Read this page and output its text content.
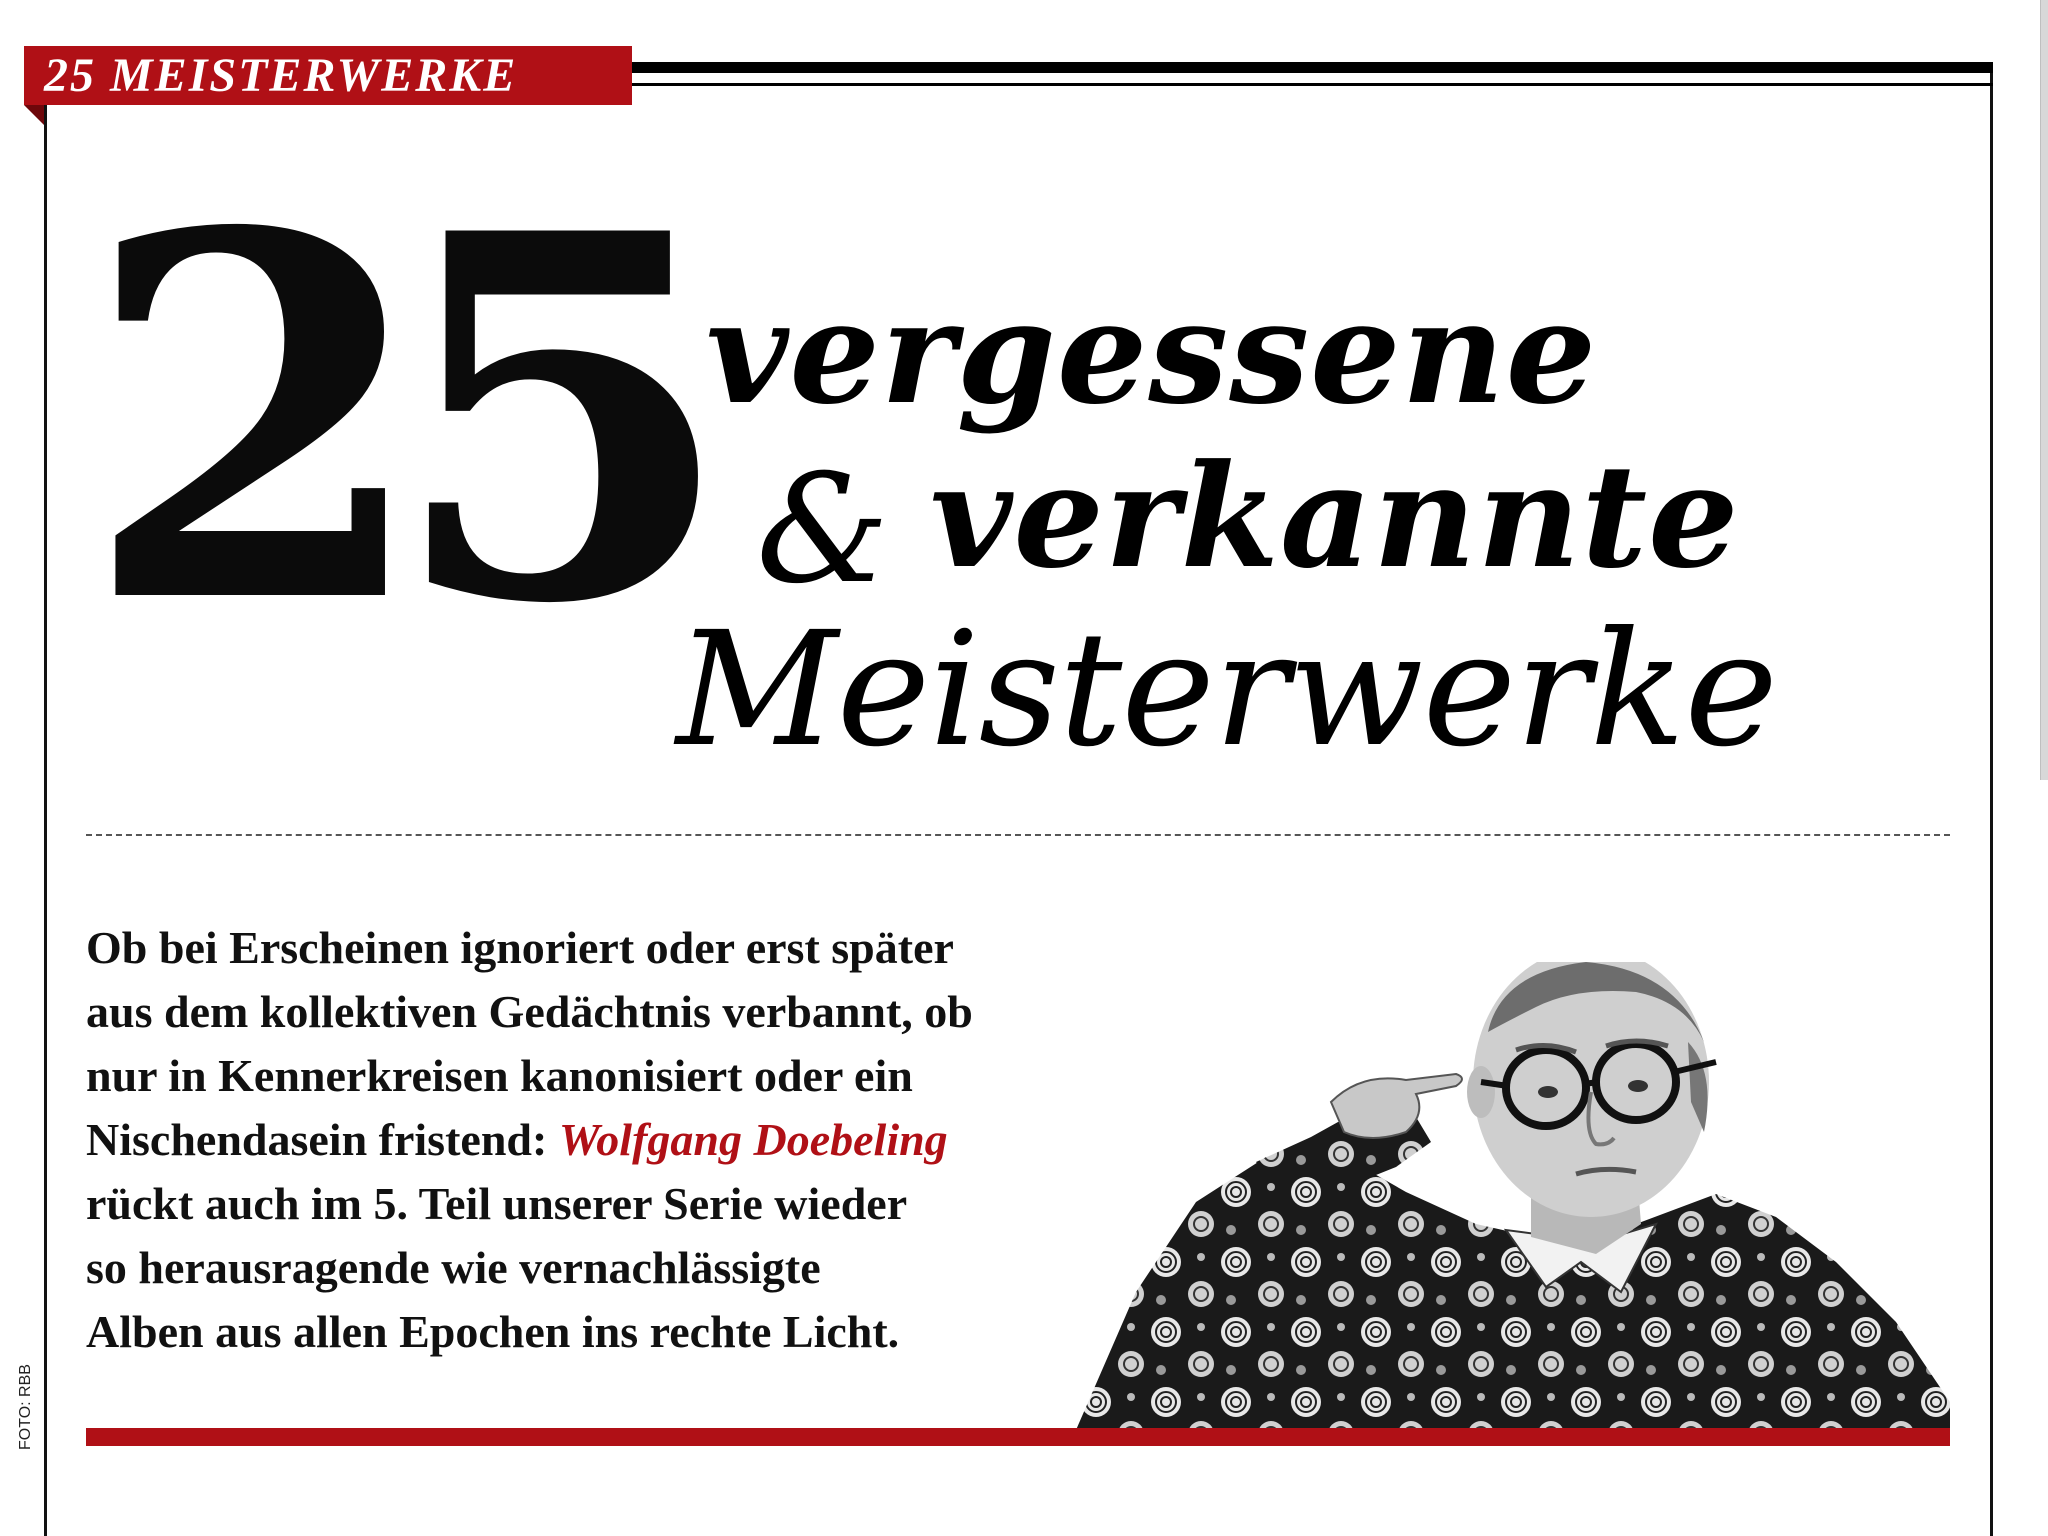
25 MEISTERWERKE
25 vergessene
& verkannte
Meisterwerke
Ob bei Erscheinen ignoriert oder erst später
aus dem kollektiven Gedächtnis verbannt, ob
nur in Kennerkreisen kanonisiert oder ein
Nischendasein fristend: Wolfgang Doebeling
rückt auch im 5. Teil unserer Serie wieder
so herausragende wie vernachlässigte
Alben aus allen Epochen ins rechte Licht.
FOTO: RBB
